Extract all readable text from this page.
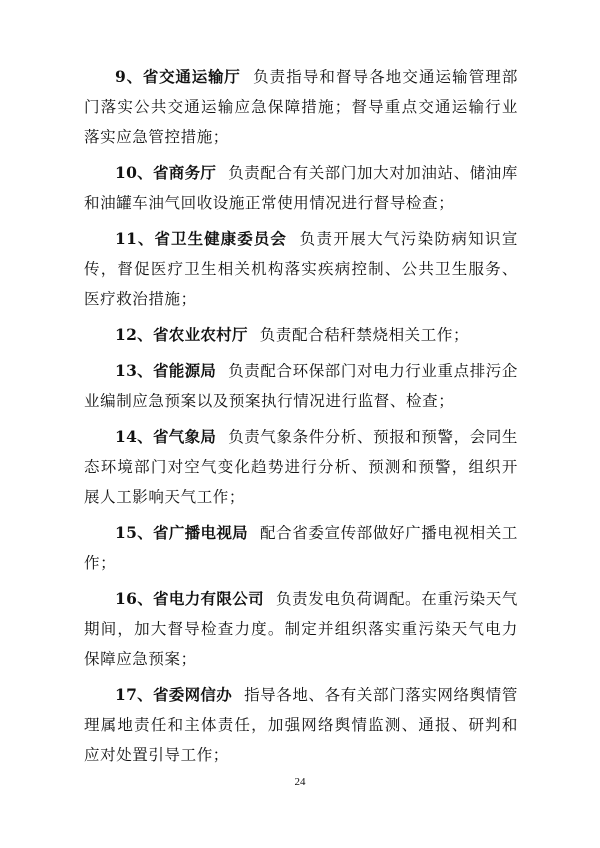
9、省交通运输厅 负责指导和督导各地交通运输管理部门落实公共交通运输应急保障措施；督导重点交通运输行业落实应急管控措施；

10、省商务厅 负责配合有关部门加大对加油站、储油库和油罐车油气回收设施正常使用情况进行督导检查；

11、省卫生健康委员会 负责开展大气污染防病知识宣传，督促医疗卫生相关机构落实疾病控制、公共卫生服务、医疗救治措施；

12、省农业农村厅 负责配合秸秆禁烧相关工作；

13、省能源局 负责配合环保部门对电力行业重点排污企业编制应急预案以及预案执行情况进行监督、检查；

14、省气象局 负责气象条件分析、预报和预警，会同生态环境部门对空气变化趋势进行分析、预测和预警，组织开展人工影响天气工作；

15、省广播电视局 配合省委宣传部做好广播电视相关工作；

16、省电力有限公司 负责发电负荷调配。在重污染天气期间，加大督导检查力度。制定并组织落实重污染天气电力保障应急预案；

17、省委网信办 指导各地、各有关部门落实网络舆情管理属地责任和主体责任，加强网络舆情监测、通报、研判和应对处置引导工作；

24
